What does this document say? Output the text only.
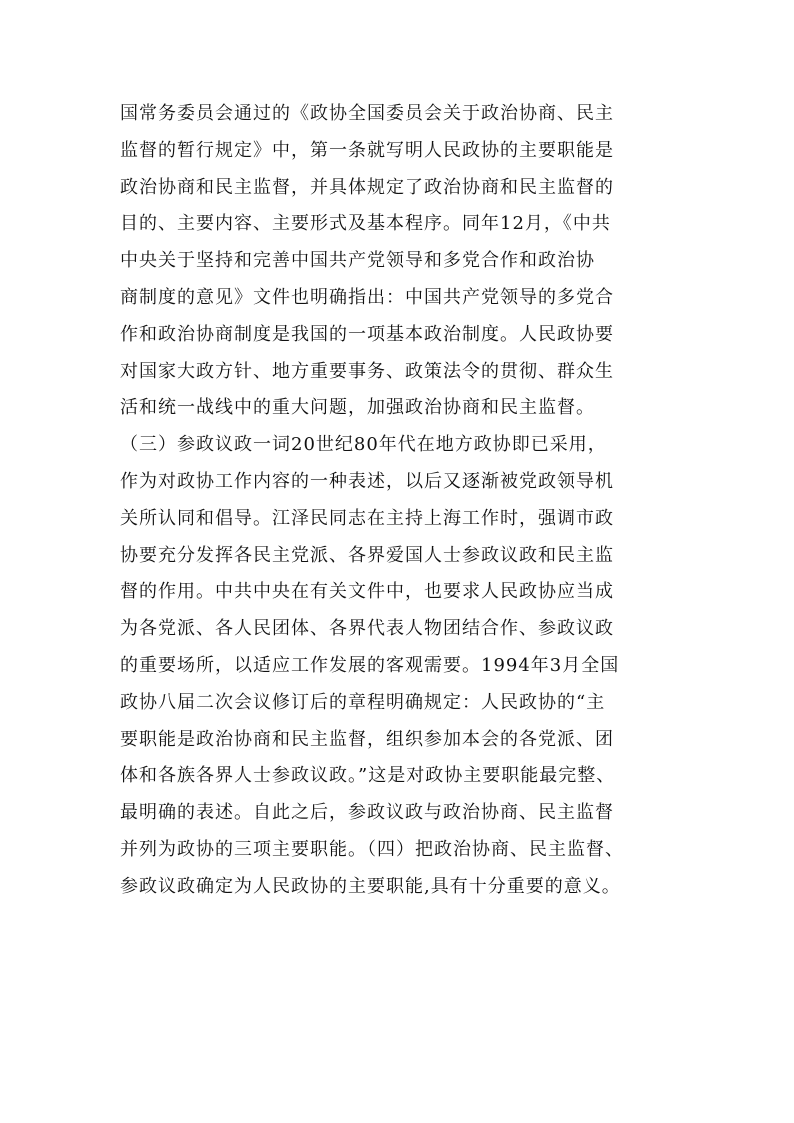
国常务委员会通过的《政协全国委员会关于政治协商、民主
监督的暂行规定》中，第一条就写明人民政协的主要职能是
政治协商和民主监督，并具体规定了政治协商和民主监督的
目的、主要内容、主要形式及基本程序。同年12月，《中共
中央关于坚持和完善中国共产党领导和多党合作和政治协
商制度的意见》文件也明确指出：中国共产党领导的多党合
作和政治协商制度是我国的一项基本政治制度。人民政协要
对国家大政方针、地方重要事务、政策法令的贯彻、群众生
活和统一战线中的重大问题，加强政治协商和民主监督。
（三）参政议政一词20世纪80年代在地方政协即已采用，
作为对政协工作内容的一种表述，以后又逐渐被党政领导机
关所认同和倡导。江泽民同志在主持上海工作时，强调市政
协要充分发挥各民主党派、各界爱国人士参政议政和民主监
督的作用。中共中央在有关文件中，也要求人民政协应当成
为各党派、各人民团体、各界代表人物团结合作、参政议政
的重要场所，以适应工作发展的客观需要。1994年3月全国
政协八届二次会议修订后的章程明确规定：人民政协的“主
要职能是政治协商和民主监督，组织参加本会的各党派、团
体和各族各界人士参政议政。”这是对政协主要职能最完整、
最明确的表述。自此之后，参政议政与政治协商、民主监督
并列为政协的三项主要职能。（四）把政治协商、民主监督、
参政议政确定为人民政协的主要职能,具有十分重要的意义。
